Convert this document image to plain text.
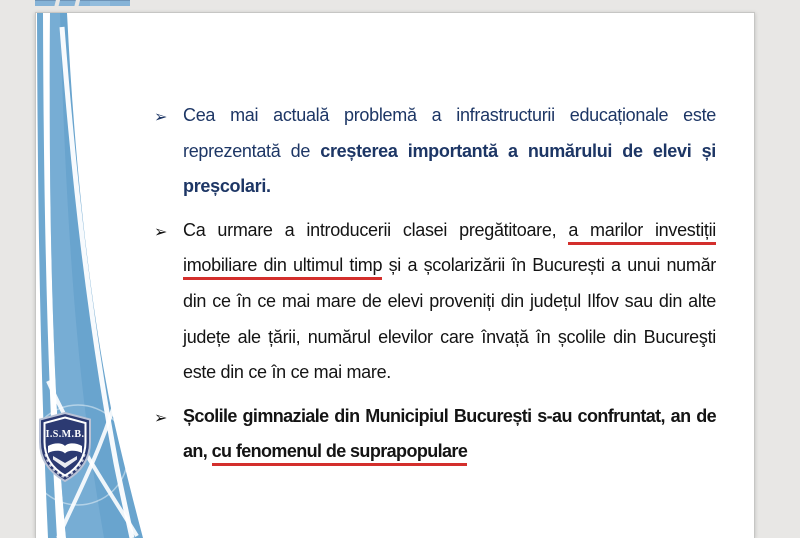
I.S.M.B.

➢ Cea mai actuală problemă a infrastructurii educaționale este reprezentată de creșterea importantă a numărului de elevi și preșcolari.

➢ Ca urmare a introducerii clasei pregătitoare, a marilor investiții imobiliare din ultimul timp și a școlarizării în București a unui număr din ce în ce mai mare de elevi proveniți din județul Ilfov sau din alte județe ale țării, numărul elevilor care învață în școlile din Bucureşti este din ce în ce mai mare.

➢ Școlile gimnaziale din Municipiul București s-au confruntat, an de an, cu fenomenul de suprapopulare
